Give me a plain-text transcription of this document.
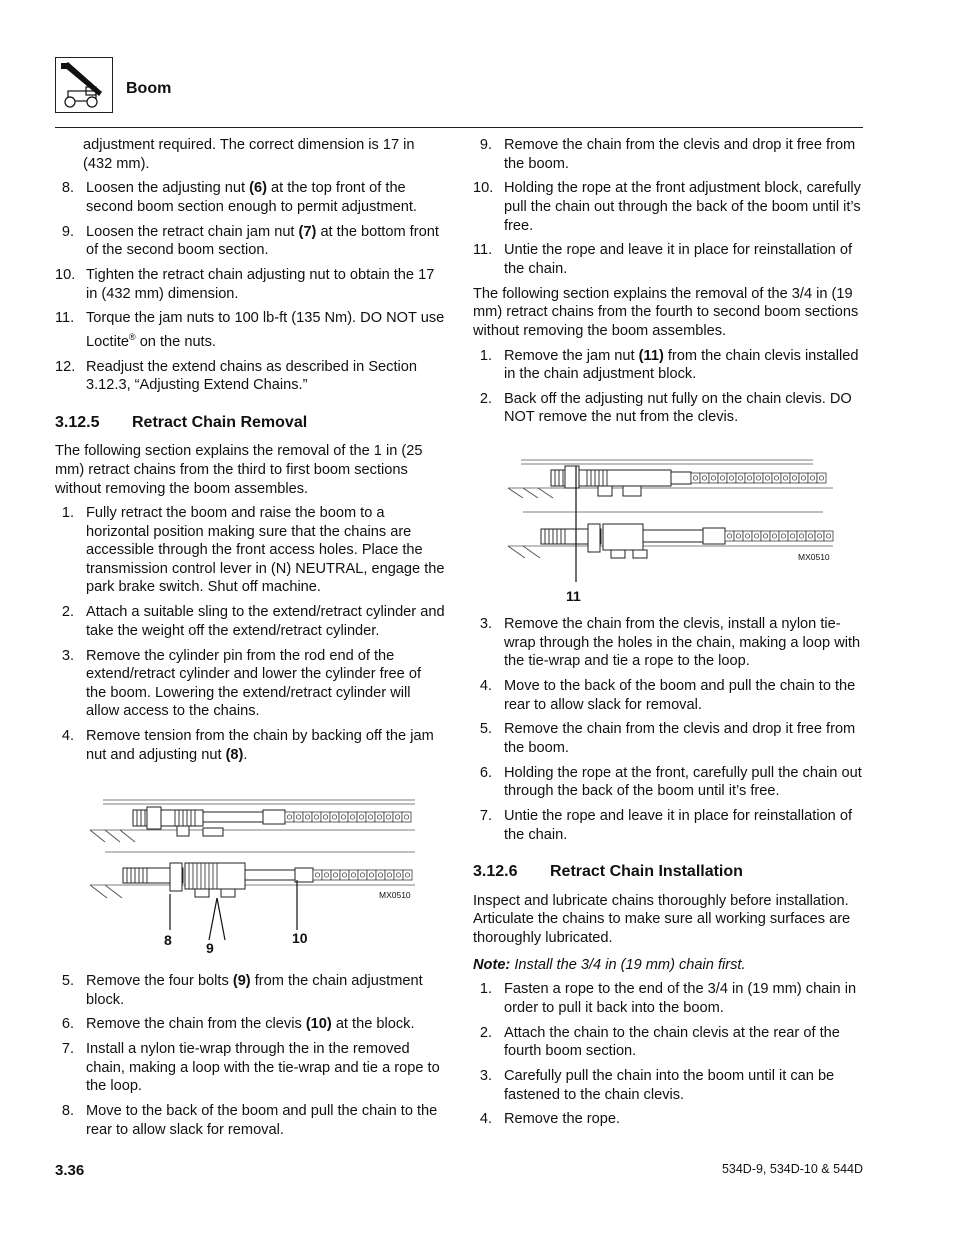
Boom

adjustment required. The correct dimension is 17 in (432 mm).

8. Loosen the adjusting nut (6) at the top front of the second boom section enough to permit adjustment.
9. Loosen the retract chain jam nut (7) at the bottom front of the second boom section.
10. Tighten the retract chain adjusting nut to obtain the 17 in (432 mm) dimension.
11. Torque the jam nuts to 100 lb-ft (135 Nm). DO NOT use Loctite® on the nuts.
12. Readjust the extend chains as described in Section 3.12.3, “Adjusting Extend Chains.”
3.12.5 Retract Chain Removal

The following section explains the removal of the 1 in (25 mm) retract chains from the third to first boom sections without removing the boom assembles.

1. Fully retract the boom and raise the boom to a horizontal position making sure that the chains are accessible through the front access holes. Place the transmission control lever in (N) NEUTRAL, engage the park brake switch. Shut off machine.
2. Attach a suitable sling to the extend/retract cylinder and take the weight off the extend/retract cylinder.
3. Remove the cylinder pin from the rod end of the extend/retract cylinder and lower the cylinder free of the boom. Lowering the extend/retract cylinder will allow access to the chains.
4. Remove tension from the chain by backing off the jam nut and adjusting nut (8).
MX0510
8 9
10
5. Remove the four bolts (9) from the chain adjustment block.
6. Remove the chain from the clevis (10) at the block.
7. Install a nylon tie-wrap through the in the removed chain, making a loop with the tie-wrap and tie a rope to the loop.
8. Move to the back of the boom and pull the chain to the rear to allow slack for removal.
9. Remove the chain from the clevis and drop it free from the boom.
10. Holding the rope at the front adjustment block, carefully pull the chain out through the back of the boom until it’s free.
11. Untie the rope and leave it in place for reinstallation of the chain.

The following section explains the removal of the 3/4 in (19 mm) retract chains from the fourth to second boom sections without removing the boom assembles.

1. Remove the jam nut (11) from the chain clevis installed in the chain adjustment block.
2. Back off the adjusting nut fully on the chain clevis. DO NOT remove the nut from the clevis.
MX0510
11
3. Remove the chain from the clevis, install a nylon tie-wrap through the holes in the chain, making a loop with the tie-wrap and tie a rope to the loop.
4. Move to the back of the boom and pull the chain to the rear to allow slack for removal.
5. Remove the chain from the clevis and drop it free from the boom.
6. Holding the rope at the front, carefully pull the chain out through the back of the boom until it’s free.
7. Untie the rope and leave it in place for reinstallation of the chain.
3.12.6 Retract Chain Installation

Inspect and lubricate chains thoroughly before installation. Articulate the chains to make sure all working surfaces are thoroughly lubricated.

Note: Install the 3/4 in (19 mm) chain first.

1. Fasten a rope to the end of the 3/4 in (19 mm) chain in order to pull it back into the boom.
2. Attach the chain to the chain clevis at the rear of the fourth boom section.
3. Carefully pull the chain into the boom until it can be fastened to the chain clevis.
4. Remove the rope.
3.36	534D-9, 534D-10 & 544D
